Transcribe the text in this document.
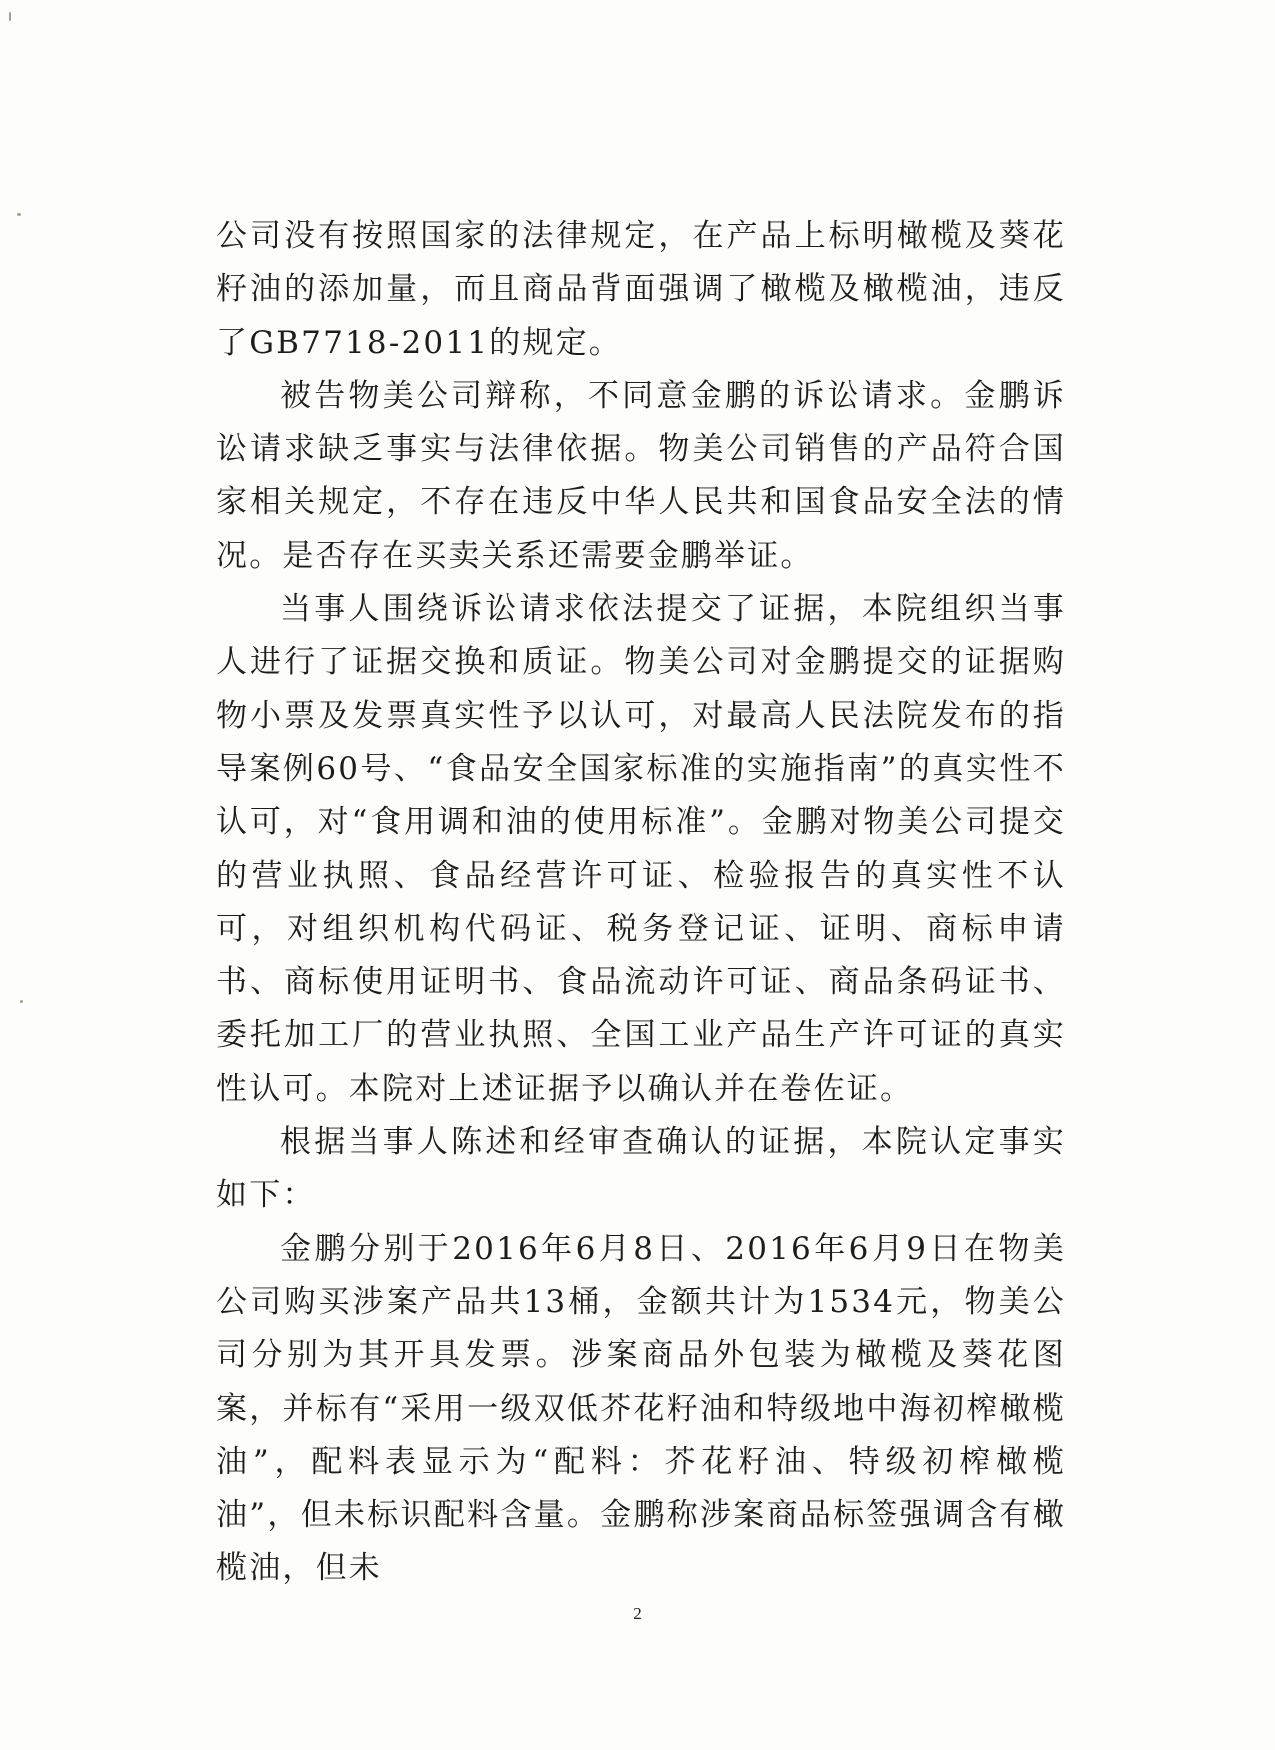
公司没有按照国家的法律规定，在产品上标明橄榄及葵花籽油的添加量，而且商品背面强调了橄榄及橄榄油，违反了GB7718-2011的规定。

被告物美公司辩称，不同意金鹏的诉讼请求。金鹏诉讼请求缺乏事实与法律依据。物美公司销售的产品符合国家相关规定，不存在违反中华人民共和国食品安全法的情况。是否存在买卖关系还需要金鹏举证。

当事人围绕诉讼请求依法提交了证据，本院组织当事人进行了证据交换和质证。物美公司对金鹏提交的证据购物小票及发票真实性予以认可，对最高人民法院发布的指导案例60号、“食品安全国家标准的实施指南”的真实性不认可，对“食用调和油的使用标准”。金鹏对物美公司提交的营业执照、食品经营许可证、检验报告的真实性不认可，对组织机构代码证、税务登记证、证明、商标申请书、商标使用证明书、食品流动许可证、商品条码证书、委托加工厂的营业执照、全国工业产品生产许可证的真实性认可。本院对上述证据予以确认并在卷佐证。

根据当事人陈述和经审查确认的证据，本院认定事实如下：

金鹏分别于2016年6月8日、2016年6月9日在物美公司购买涉案产品共13桶，金额共计为1534元，物美公司分别为其开具发票。涉案商品外包装为橄榄及葵花图案，并标有“采用一级双低芥花籽油和特级地中海初榨橄榄油”，配料表显示为“配料：芥花籽油、特级初榨橄榄油”，但未标识配料含量。金鹏称涉案商品标签强调含有橄榄油，但未

2
